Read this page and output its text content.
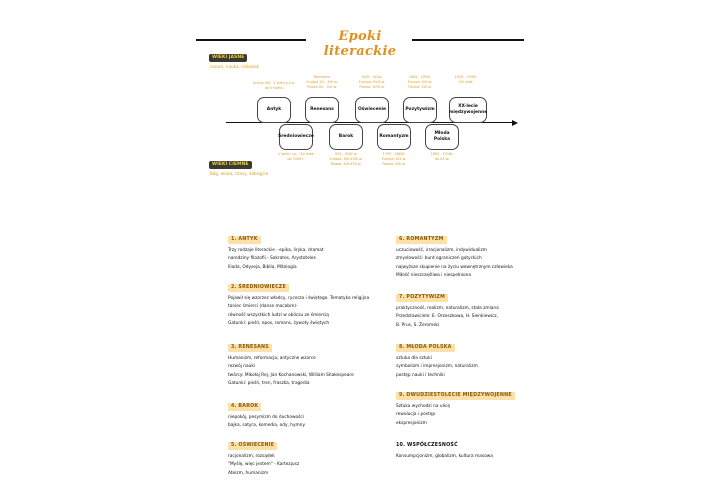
Epoki literackie
WIEKI JASNE
rozum, nauka, człowiek
WIEKI CIEMNE
Bóg, wiara, czasy, żebrąjcie
Grecja VIII - V wiek p.n.e.
do V wieku
Antyk
Renesans
Europa XV - XVI w.
Polska XV - XVI w.
Renesans
XVIII - XIXw.
Europa: XVIII w.
Polska: XVIII w.
Oświecenie
1864 - 1890r.
Europa: XIX w.
Polska: XIX w.
Pozytywizm
1918 - 1939r.
XX wiek
XX-lecie międzywojenne
Średniowiecze
V wiek n.e. - XV wiek
do 1500 r.
Barok
XVII - XVIII w.
Europa: XVI-XVIII w.
Polska: XVI-XVII w.
Romantyzm
1795 - 1863r.
Europa: XIX w.
Polska: XIX w.
Młoda Polska
1890 - 1918r.
do XX w.
1. ANTYK
Trzy rodzaje literackie - epika, liryka, dramat
narodziny filozofii - Sokrates, Arystoteles
Iliada, Odyseja, Biblia, Mitologia
2. ŚREDNIOWIECZE
Pojawił się wzorzec władcy, rycerza i świętego. Tematyka religijna
taniec śmierci (danse macabre)-
równość wszystkich ludzi w obliczu ze śmiercią
Gatunki: pieśń, epos, romans, żywoty świętych
3. RENESANS
Humanizm, reformacja, antyczne wzorce
rozwój nauki
twórcy: Mikołaj Rej, Jan Kochanowski, William Shakespeare
Gatunki: pieśń, tren, fraszka, tragedia
4. BAROK
niepokój, pesymizm do duchowości
bajka, satyra, komedia, ody, hymny
5. OŚWIECENIE
racjonalizm, rozsądek
"Myślę, więc jestem" - Kartezjusz
Ateizm, humanizm
6. ROMANTYZM
uczuciowość, irracjonalizm, indywidualizm
zmysłowość- bunt ograniczeń gotyckich
najwyższe skupienie na życiu wewnętrznym człowieka
Miłość nieszczęśliwa i niespełniona
7. POZYTYWIZM
praktyczność, realizm, naturalizm, stała zmiana
Przedstawiciele: E. Orzeszkowa, H. Sienkiewicz,
B. Prus, S. Żeromski
8. MŁODA POLSKA
sztuka dla sztuki
symbolizm i impresjonizm, naturalizm
postęp nauki i techniki
9. DWUDZIESTOLECIE MIĘDZYWOJENNE
Sztuka wychodzi na ulicę
rewolucja i postęp
ekspresjonizm
10. WSPÓŁCZESNOŚĆ
Konsumpcjonizm, globalizm, kultura masowa
